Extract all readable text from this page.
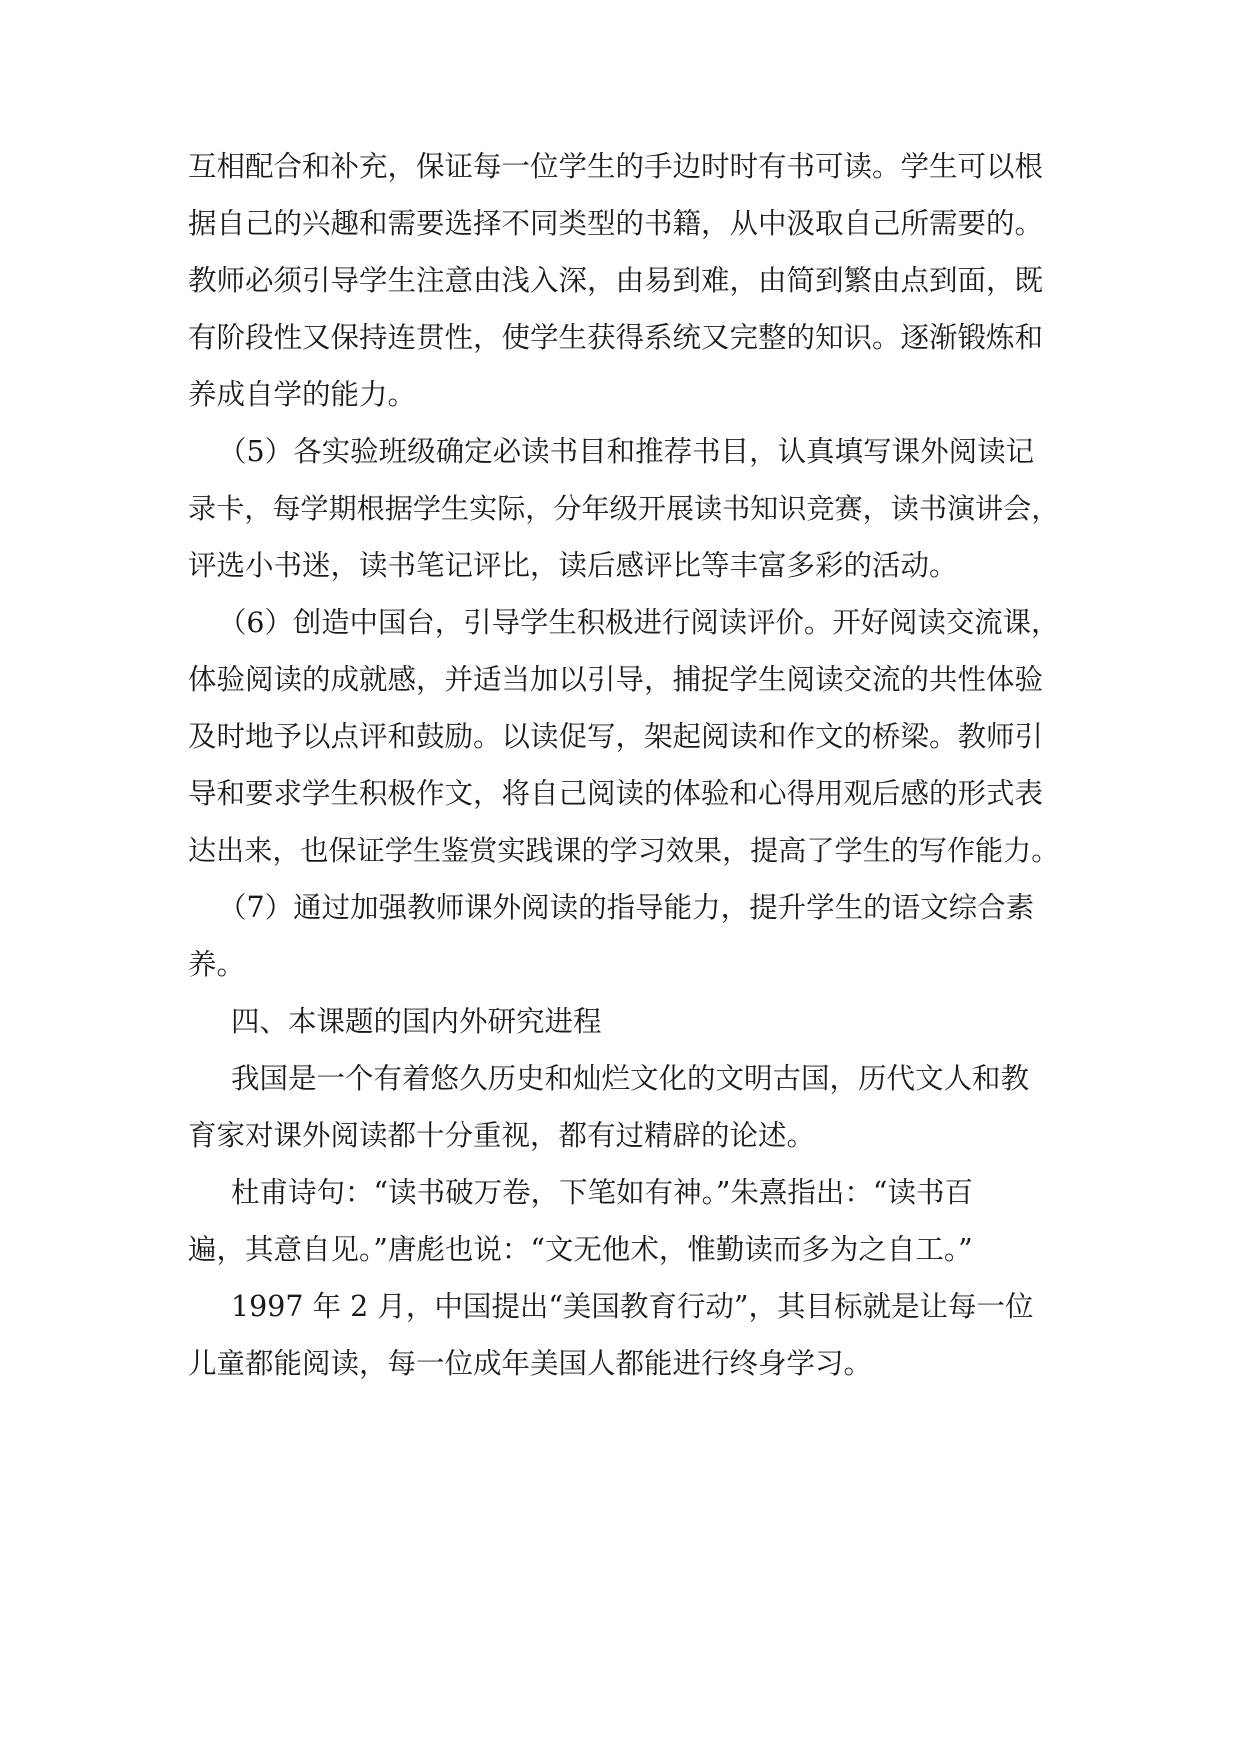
互相配合和补充，保证每一位学生的手边时时有书可读。学生可以根
据自己的兴趣和需要选择不同类型的书籍，从中汲取自己所需要的。
教师必须引导学生注意由浅入深，由易到难，由简到繁由点到面，既
有阶段性又保持连贯性，使学生获得系统又完整的知识。逐渐锻炼和
养成自学的能力。
（5）各实验班级确定必读书目和推荐书目，认真填写课外阅读记
录卡，每学期根据学生实际，分年级开展读书知识竞赛，读书演讲会，
评选小书迷，读书笔记评比，读后感评比等丰富多彩的活动。
（6）创造中国台，引导学生积极进行阅读评价。开好阅读交流课，
体验阅读的成就感，并适当加以引导，捕捉学生阅读交流的共性体验
及时地予以点评和鼓励。以读促写，架起阅读和作文的桥梁。教师引
导和要求学生积极作文，将自己阅读的体验和心得用观后感的形式表
达出来，也保证学生鉴赏实践课的学习效果，提高了学生的写作能力。
（7）通过加强教师课外阅读的指导能力，提升学生的语文综合素
养。
四、本课题的国内外研究进程
我国是一个有着悠久历史和灿烂文化的文明古国，历代文人和教
育家对课外阅读都十分重视，都有过精辟的论述。
杜甫诗句：“读书破万卷，下笔如有神。”朱熹指出：“读书百
遍，其意自见。”唐彪也说：“文无他术，惟勤读而多为之自工。”
1997 年 2 月，中国提出“美国教育行动”，其目标就是让每一位
儿童都能阅读，每一位成年美国人都能进行终身学习。
